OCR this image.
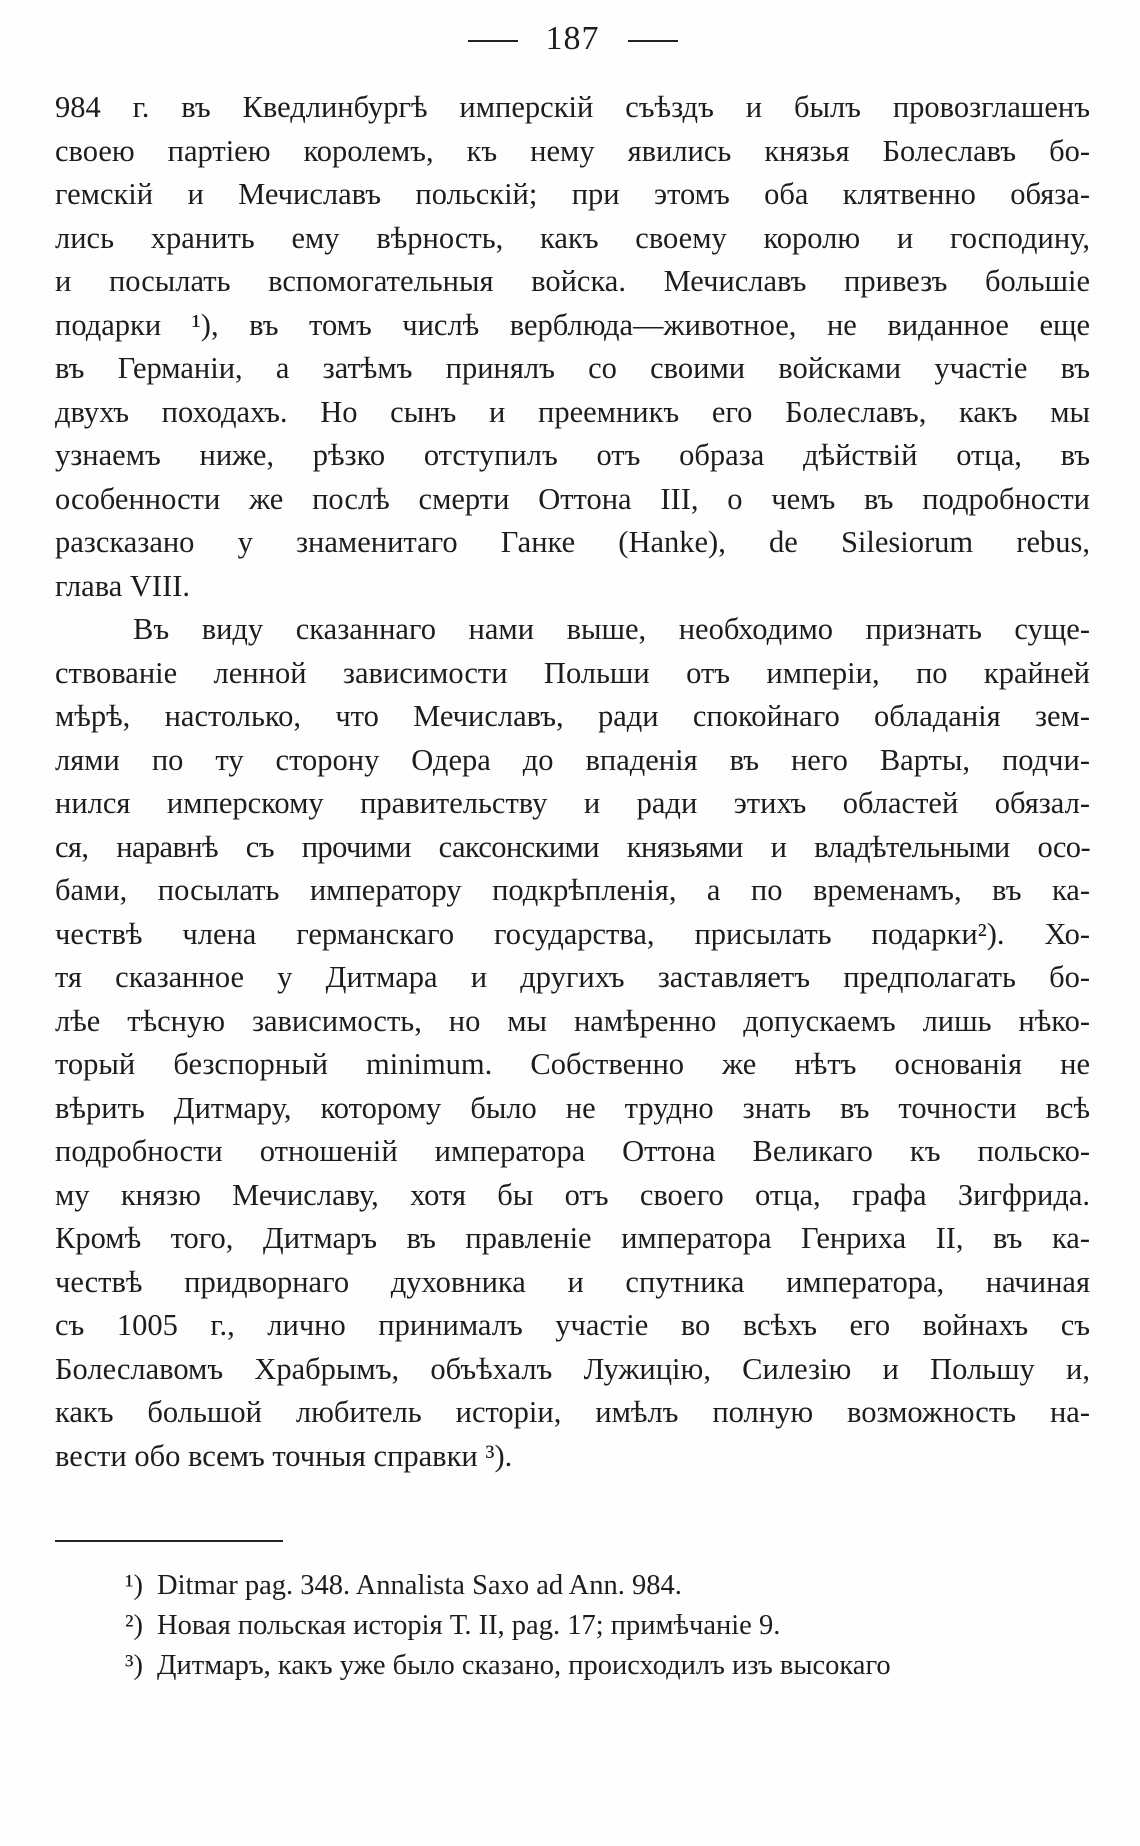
187
984 г. въ Кведлинбургѣ имперскій съѣздъ и былъ провозглашенъ
своею партіею королемъ, къ нему явились князья Болеславъ бо-
гемскій и Мечиславъ польскій; при этомъ оба клятвенно обяза-
лись хранить ему вѣрность, какъ своему королю и господину,
и посылать вспомогательныя войска. Мечиславъ привезъ большіе
подарки ¹), въ томъ числѣ верблюда—животное, не виданное еще
въ Германіи, а затѣмъ принялъ со своими войсками участіе въ
двухъ походахъ. Но сынъ и преемникъ его Болеславъ, какъ мы
узнаемъ ниже, рѣзко отступилъ отъ образа дѣйствій отца, въ
особенности же послѣ смерти Оттона III, о чемъ въ подробности
разсказано у знаменитаго Ганке (Hanke), de Silesiorum rebus,
глава VIII.
Въ виду сказаннаго нами выше, необходимо признать суще-
ствованіе ленной зависимости Польши отъ имперіи, по крайней
мѣрѣ, настолько, что Мечиславъ, ради спокойнаго обладанія зем-
лями по ту сторону Одера до впаденія въ него Варты, подчи-
нился имперскому правительству и ради этихъ областей обязал-
ся, наравнѣ съ прочими саксонскими князьями и владѣтельными осо-
бами, посылать императору подкрѣпленія, а по временамъ, въ ка-
чествѣ члена германскаго государства, присылать подарки²). Хо-
тя сказанное у Дитмара и другихъ заставляетъ предполагать бо-
лѣе тѣсную зависимость, но мы намѣренно допускаемъ лишь нѣко-
торый безспорный minimum. Собственно же нѣтъ основанія не
вѣрить Дитмару, которому было не трудно знать въ точности всѣ
подробности отношеній императора Оттона Великаго къ польско-
му князю Мечиславу, хотя бы отъ своего отца, графа Зигфрида.
Кромѣ того, Дитмаръ въ правленіе императора Генриха II, въ ка-
чествѣ придворнаго духовника и спутника императора, начиная
съ 1005 г., лично принималъ участіе во всѣхъ его войнахъ съ
Болеславомъ Храбрымъ, объѣхалъ Лужицію, Силезію и Польшу и,
какъ большой любитель исторіи, имѣлъ полную возможность на-
вести обо всемъ точныя справки ³).
¹) Ditmar pag. 348. Annalista Saxo ad Ann. 984.
²) Новая польская исторія Т. II, pag. 17; примѣчаніе 9.
³) Дитмаръ, какъ уже было сказано, происходилъ изъ высокаго
